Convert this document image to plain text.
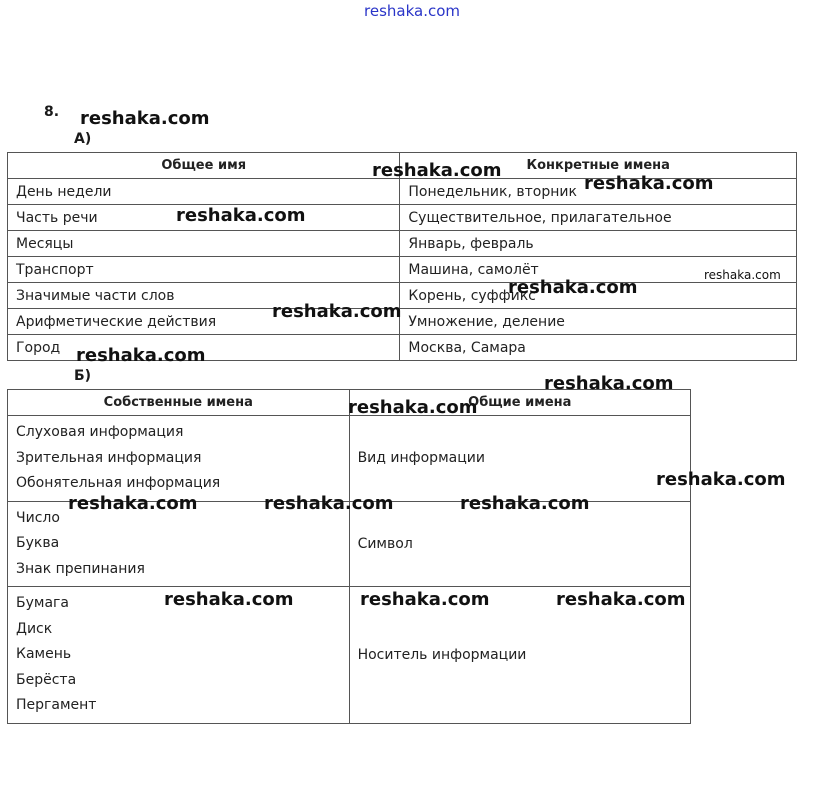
reshaka.com
8.
А)
Общее имя	Конкретные имена
День недели	Понедельник, вторник
Часть речи	Существительное, прилагательное
Месяцы	Январь, февраль
Транспорт	Машина, самолёт
Значимые части слов	Корень, суффикс
Арифметические действия	Умножение, деление
Город	Москва, Самара
Б)
Собственные имена	Общие имена

Слуховая информация
Зрительная информация
Обонятельная информация	Вид информации

Число
Буква
Знак препинания	Символ

Бумага
Диск
Камень
Берёста
Пергамент	Носитель информации
reshaka.com
reshaka.com
reshaka.com
reshaka.com
reshaka.com
reshaka.com
reshaka.com
reshaka.com
reshaka.com
reshaka.com
reshaka.com
reshaka.com	reshaka.com	reshaka.com
reshaka.com	reshaka.com	reshaka.com
